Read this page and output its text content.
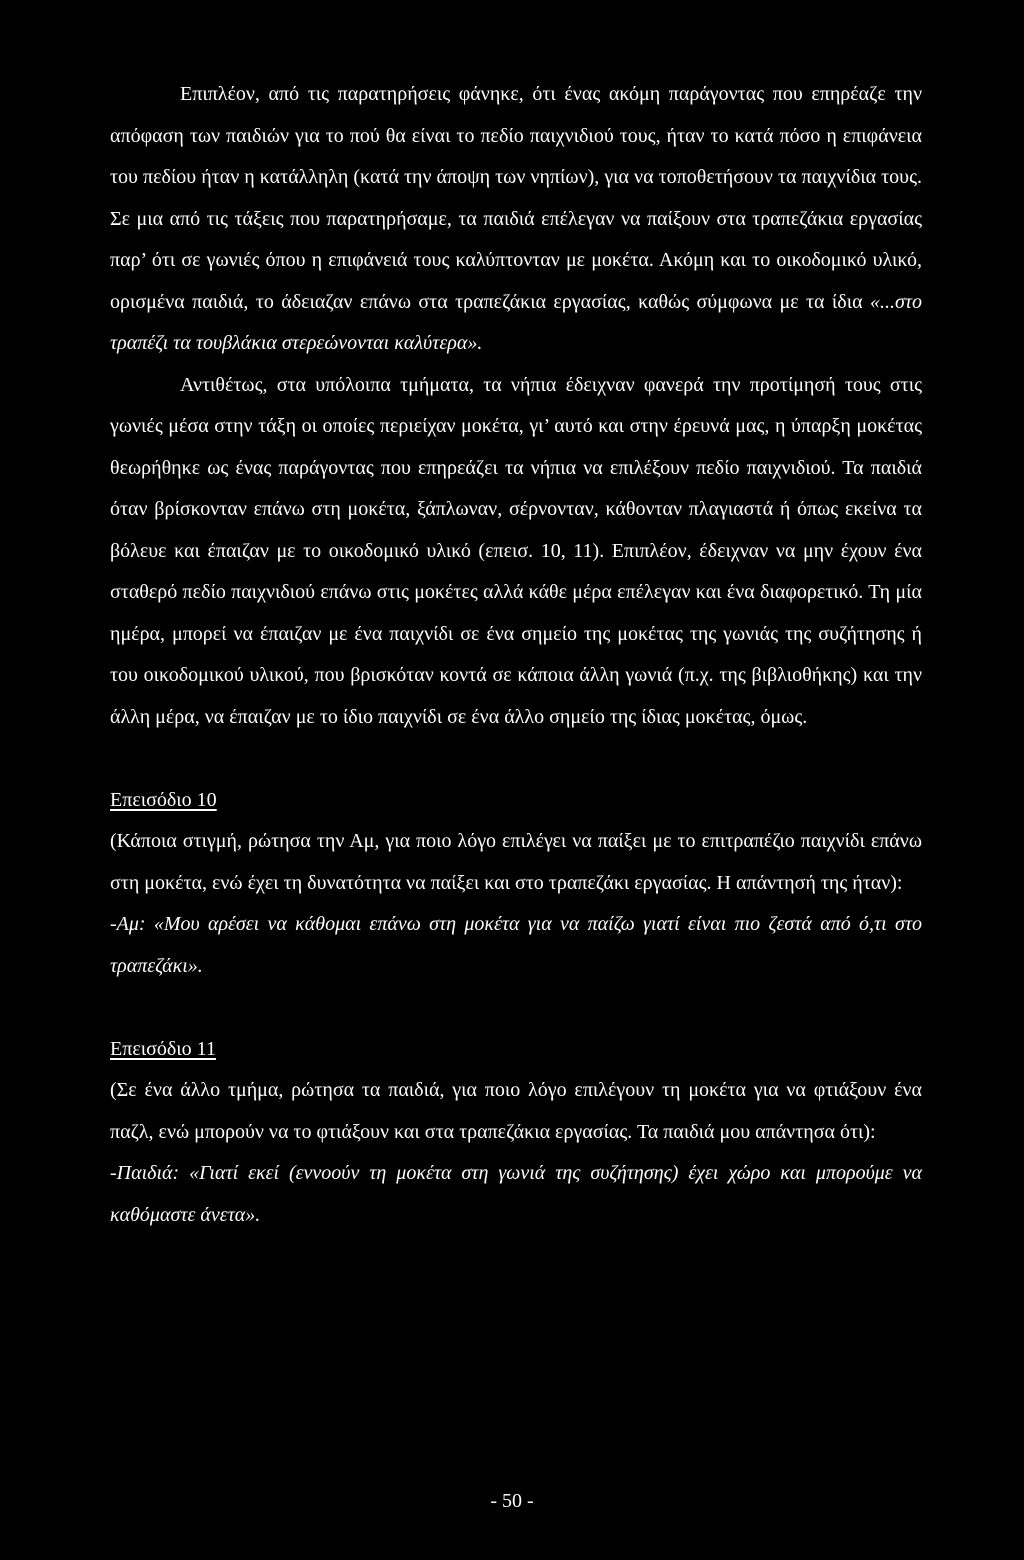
Επιπλέον, από τις παρατηρήσεις φάνηκε, ότι ένας ακόμη παράγοντας που επηρέαζε την απόφαση των παιδιών για το πού θα είναι το πεδίο παιχνιδιού τους, ήταν το κατά πόσο η επιφάνεια του πεδίου ήταν η κατάλληλη (κατά την άποψη των νηπίων), για να τοποθετήσουν τα παιχνίδια τους. Σε μια από τις τάξεις που παρατηρήσαμε, τα παιδιά επέλεγαν να παίξουν στα τραπεζάκια εργασίας παρ’ ότι σε γωνιές όπου η επιφάνειά τους καλύπτονταν με μοκέτα. Ακόμη και το οικοδομικό υλικό, ορισμένα παιδιά, το άδειαζαν επάνω στα τραπεζάκια εργασίας, καθώς σύμφωνα με τα ίδια «...στο τραπέζι τα τουβλάκια στερεώνονται καλύτερα».

Αντιθέτως, στα υπόλοιπα τμήματα, τα νήπια έδειχναν φανερά την προτίμησή τους στις γωνιές μέσα στην τάξη οι οποίες περιείχαν μοκέτα, γι’ αυτό και στην έρευνά μας, η ύπαρξη μοκέτας θεωρήθηκε ως ένας παράγοντας που επηρεάζει τα νήπια να επιλέξουν πεδίο παιχνιδιού. Τα παιδιά όταν βρίσκονταν επάνω στη μοκέτα, ξάπλωναν, σέρνονταν, κάθονταν πλαγιαστά ή όπως εκείνα τα βόλευε και έπαιζαν με το οικοδομικό υλικό (επεισ. 10, 11). Επιπλέον, έδειχναν να μην έχουν ένα σταθερό πεδίο παιχνιδιού επάνω στις μοκέτες αλλά κάθε μέρα επέλεγαν και ένα διαφορετικό. Τη μία ημέρα, μπορεί να έπαιζαν με ένα παιχνίδι σε ένα σημείο της μοκέτας της γωνιάς της συζήτησης ή του οικοδομικού υλικού, που βρισκόταν κοντά σε κάποια άλλη γωνιά (π.χ. της βιβλιοθήκης) και την άλλη μέρα, να έπαιζαν με το ίδιο παιχνίδι σε ένα άλλο σημείο της ίδιας μοκέτας, όμως.

Επεισόδιο 10

(Κάποια στιγμή, ρώτησα την Αμ, για ποιο λόγο επιλέγει να παίξει με το επιτραπέζιο παιχνίδι επάνω στη μοκέτα, ενώ έχει τη δυνατότητα να παίξει και στο τραπεζάκι εργασίας. Η απάντησή της ήταν):

-Αμ: «Μου αρέσει να κάθομαι επάνω στη μοκέτα για να παίζω γιατί είναι πιο ζεστά από ό,τι στο τραπεζάκι».

Επεισόδιο 11

(Σε ένα άλλο τμήμα, ρώτησα τα παιδιά, για ποιο λόγο επιλέγουν τη μοκέτα για να φτιάξουν ένα παζλ, ενώ μπορούν να το φτιάξουν και στα τραπεζάκια εργασίας. Τα παιδιά μου απάντησα ότι):

-Παιδιά: «Γιατί εκεί (εννοούν τη μοκέτα στη γωνιά της συζήτησης) έχει χώρο και μπορούμε να καθόμαστε άνετα».

- 50 -
